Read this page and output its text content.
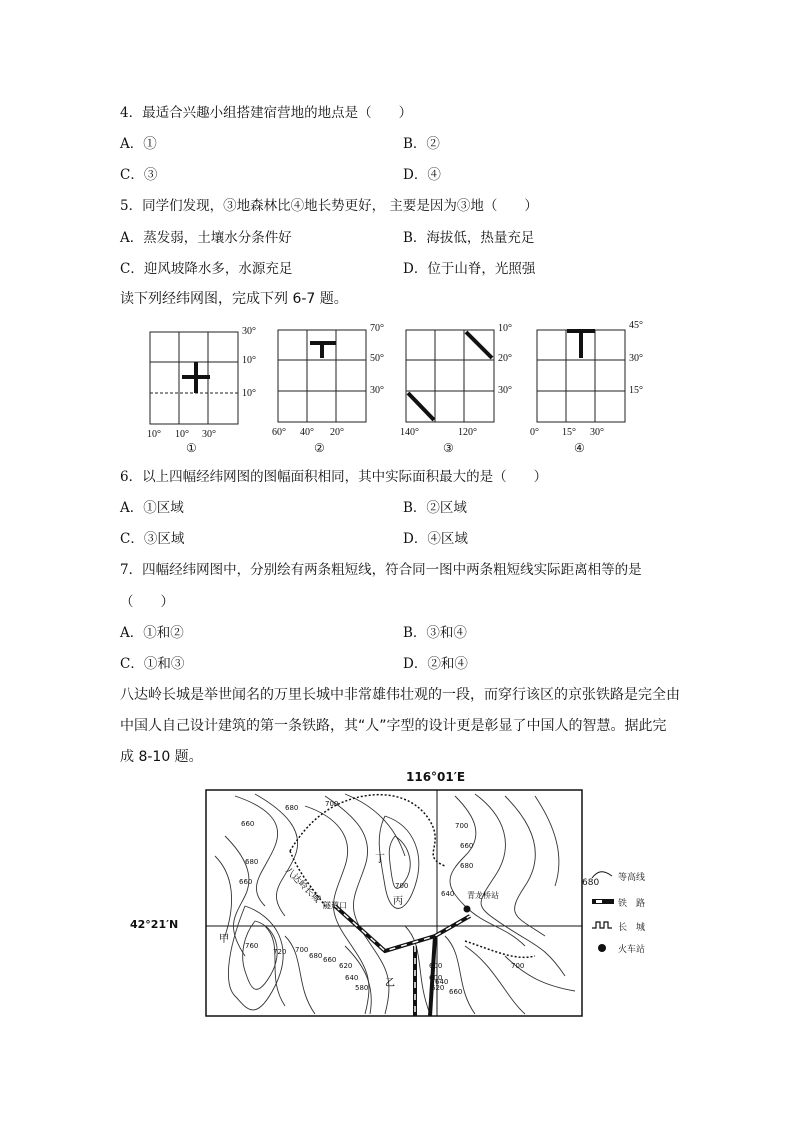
4．最适合兴趣小组搭建宿营地的地点是（　　）
A．①	B．②
C．③	D．④
5．同学们发现，③地森林比④地长势更好， 主要是因为③地（　　）
A．蒸发弱，土壤水分条件好	B．海拔低，热量充足
C．迎风坡降水多，水源充足	D．位于山脊，光照强
读下列经纬网图，完成下列 6-7 题。
30°
10°
10°
10° 10° 30°
①
70°
50°
30°
60° 40° 20°
②
10°
20°
30°
140°	120°
③
45°
30°
15°
0° 15° 30°
④
6．以上四幅经纬网图的图幅面积相同，其中实际面积最大的是（　　）
A．①区域	B．②区域
C．③区域	D．④区域
7．四幅经纬网图中，分别绘有两条粗短线，符合同一图中两条粗短线实际距离相等的是
（　　）
A．①和②	B．③和④
C．①和③	D．②和④
八达岭长城是举世闻名的万里长城中非常雄伟壮观的一段，而穿行该区的京张铁路是完全由
中国人自己设计建筑的第一条铁路，其“人”字型的设计更是彰显了中国人的智慧。据此完
成 8-10 题。
116°01′E
42°21′N
八达岭长城
隧道口
青龙桥站
甲
乙
丙
丁
680
660
700
680
660
700
660
680
640
700
760
720 700
680 660
620
640
600
580
600
620
640
660
700
680 等高线
铁　路
长　城
火车站
